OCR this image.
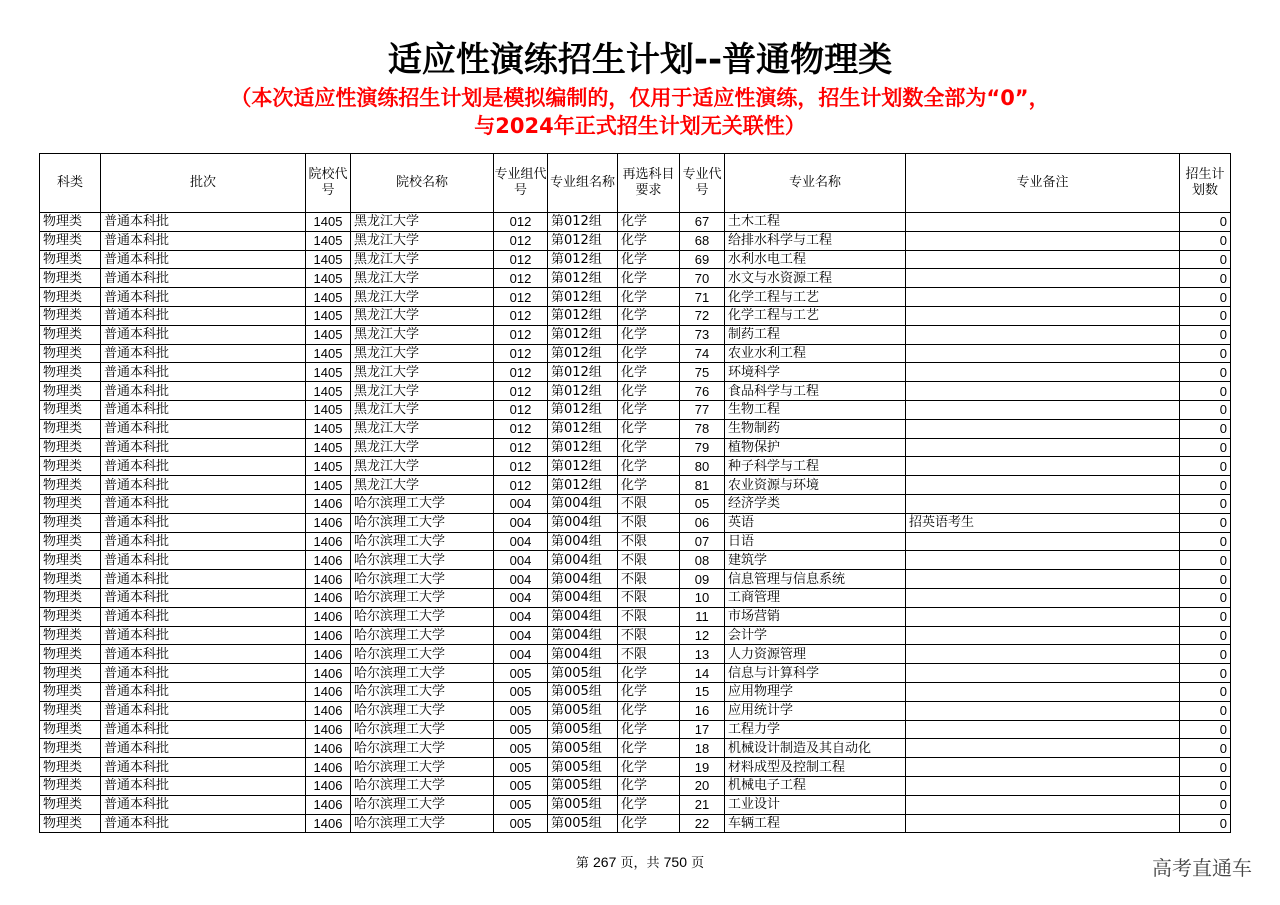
适应性演练招生计划--普通物理类
（本次适应性演练招生计划是模拟编制的，仅用于适应性演练，招生计划数全部为“0”，
与2024年正式招生计划无关联性）
科类	批次	院校代号	院校名称	专业组代号	专业组名称	再选科目要求	专业代号	专业名称	专业备注	招生计划数
物理类	普通本科批	1405	黑龙江大学	012	第012组	化学	67	土木工程		0
物理类	普通本科批	1405	黑龙江大学	012	第012组	化学	68	给排水科学与工程		0
物理类	普通本科批	1405	黑龙江大学	012	第012组	化学	69	水利水电工程		0
物理类	普通本科批	1405	黑龙江大学	012	第012组	化学	70	水文与水资源工程		0
物理类	普通本科批	1405	黑龙江大学	012	第012组	化学	71	化学工程与工艺		0
物理类	普通本科批	1405	黑龙江大学	012	第012组	化学	72	化学工程与工艺		0
物理类	普通本科批	1405	黑龙江大学	012	第012组	化学	73	制药工程		0
物理类	普通本科批	1405	黑龙江大学	012	第012组	化学	74	农业水利工程		0
物理类	普通本科批	1405	黑龙江大学	012	第012组	化学	75	环境科学		0
物理类	普通本科批	1405	黑龙江大学	012	第012组	化学	76	食品科学与工程		0
物理类	普通本科批	1405	黑龙江大学	012	第012组	化学	77	生物工程		0
物理类	普通本科批	1405	黑龙江大学	012	第012组	化学	78	生物制药		0
物理类	普通本科批	1405	黑龙江大学	012	第012组	化学	79	植物保护		0
物理类	普通本科批	1405	黑龙江大学	012	第012组	化学	80	种子科学与工程		0
物理类	普通本科批	1405	黑龙江大学	012	第012组	化学	81	农业资源与环境		0
物理类	普通本科批	1406	哈尔滨理工大学	004	第004组	不限	05	经济学类		0
物理类	普通本科批	1406	哈尔滨理工大学	004	第004组	不限	06	英语	招英语考生	0
物理类	普通本科批	1406	哈尔滨理工大学	004	第004组	不限	07	日语		0
物理类	普通本科批	1406	哈尔滨理工大学	004	第004组	不限	08	建筑学		0
物理类	普通本科批	1406	哈尔滨理工大学	004	第004组	不限	09	信息管理与信息系统		0
物理类	普通本科批	1406	哈尔滨理工大学	004	第004组	不限	10	工商管理		0
物理类	普通本科批	1406	哈尔滨理工大学	004	第004组	不限	11	市场营销		0
物理类	普通本科批	1406	哈尔滨理工大学	004	第004组	不限	12	会计学		0
物理类	普通本科批	1406	哈尔滨理工大学	004	第004组	不限	13	人力资源管理		0
物理类	普通本科批	1406	哈尔滨理工大学	005	第005组	化学	14	信息与计算科学		0
物理类	普通本科批	1406	哈尔滨理工大学	005	第005组	化学	15	应用物理学		0
物理类	普通本科批	1406	哈尔滨理工大学	005	第005组	化学	16	应用统计学		0
物理类	普通本科批	1406	哈尔滨理工大学	005	第005组	化学	17	工程力学		0
物理类	普通本科批	1406	哈尔滨理工大学	005	第005组	化学	18	机械设计制造及其自动化		0
物理类	普通本科批	1406	哈尔滨理工大学	005	第005组	化学	19	材料成型及控制工程		0
物理类	普通本科批	1406	哈尔滨理工大学	005	第005组	化学	20	机械电子工程		0
物理类	普通本科批	1406	哈尔滨理工大学	005	第005组	化学	21	工业设计		0
物理类	普通本科批	1406	哈尔滨理工大学	005	第005组	化学	22	车辆工程		0
第 267 页，共 750 页	高考直通车
